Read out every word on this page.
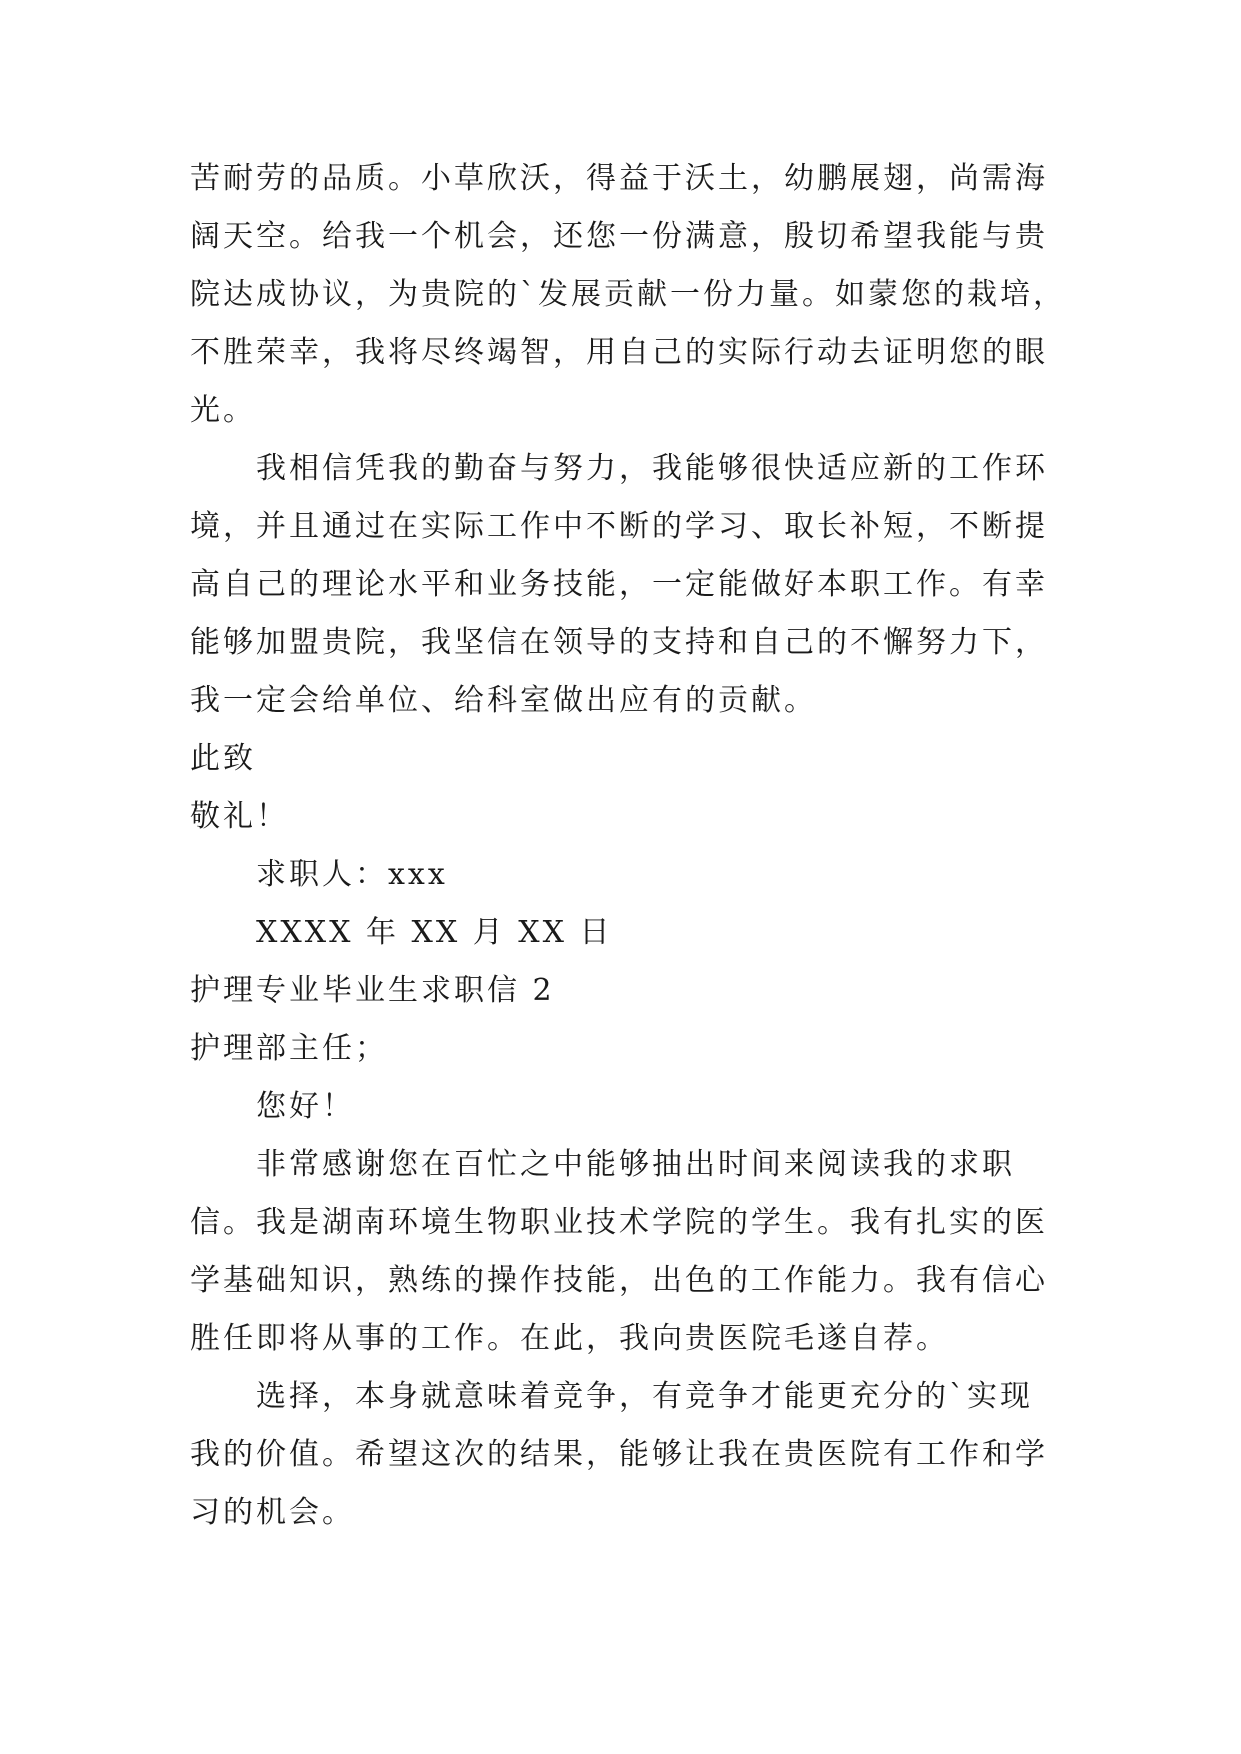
苦耐劳的品质。小草欣沃，得益于沃土，幼鹏展翅，尚需海
阔天空。给我一个机会，还您一份满意，殷切希望我能与贵
院达成协议，为贵院的`发展贡献一份力量。如蒙您的栽培，
不胜荣幸，我将尽终竭智，用自己的实际行动去证明您的眼
光。
我相信凭我的勤奋与努力，我能够很快适应新的工作环
境，并且通过在实际工作中不断的学习、取长补短，不断提
高自己的理论水平和业务技能，一定能做好本职工作。有幸
能够加盟贵院，我坚信在领导的支持和自己的不懈努力下，
我一定会给单位、给科室做出应有的贡献。
此致
敬礼！
求职人：xxx
XXXX 年 XX 月 XX 日
护理专业毕业生求职信 2
护理部主任；
您好！
非常感谢您在百忙之中能够抽出时间来阅读我的求职
信。我是湖南环境生物职业技术学院的学生。我有扎实的医
学基础知识，熟练的操作技能，出色的工作能力。我有信心
胜任即将从事的工作。在此，我向贵医院毛遂自荐。
选择，本身就意味着竞争，有竞争才能更充分的`实现
我的价值。希望这次的结果，能够让我在贵医院有工作和学
习的机会。
